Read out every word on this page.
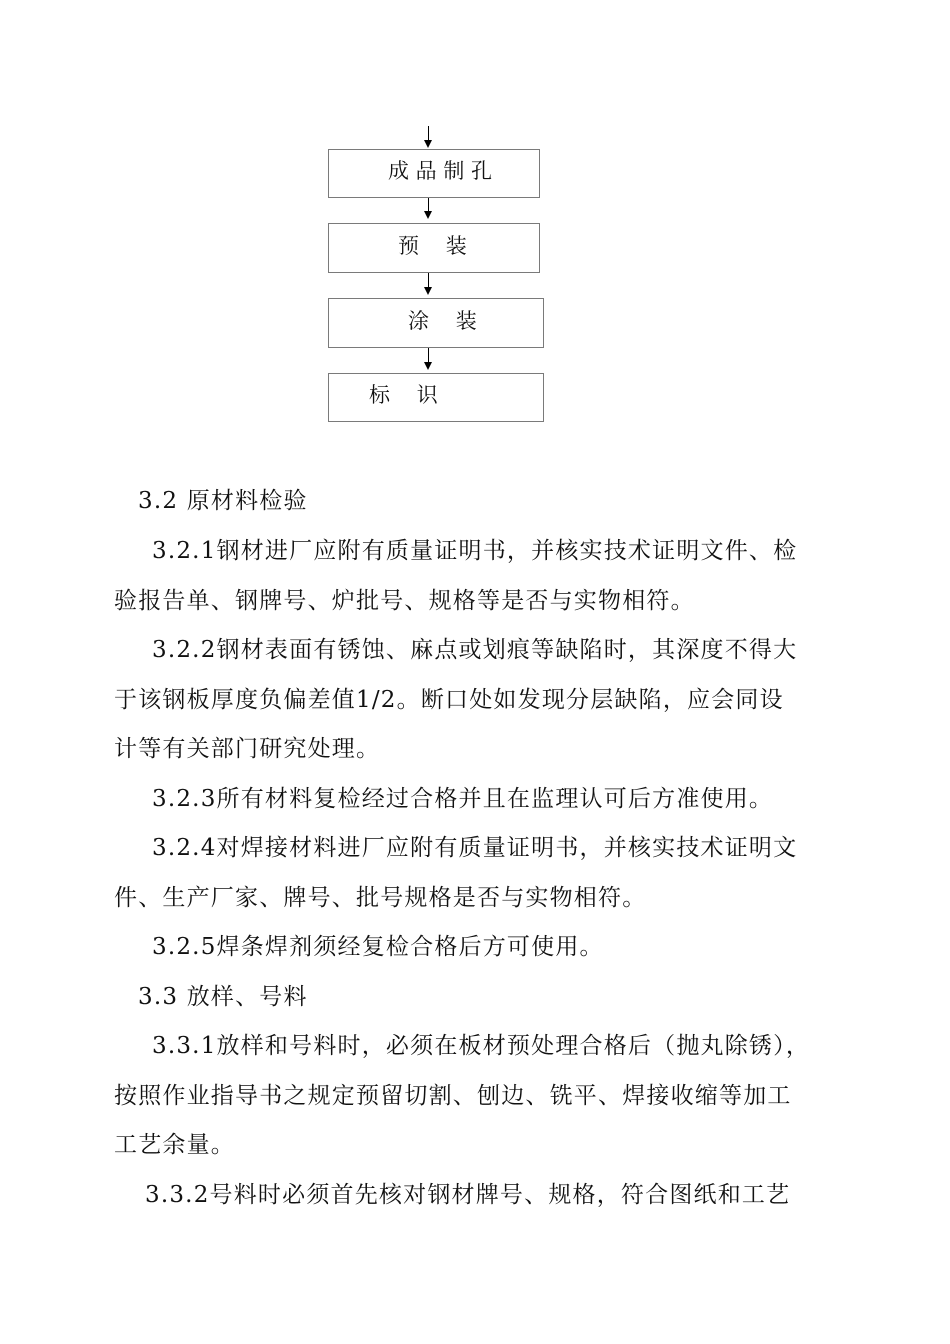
成 品 制 孔
预    装
涂    装
标    识
3.2 原材料检验
3.2.1钢材进厂应附有质量证明书，并核实技术证明文件、检
验报告单、钢牌号、炉批号、规格等是否与实物相符。
3.2.2钢材表面有锈蚀、麻点或划痕等缺陷时，其深度不得大
于该钢板厚度负偏差值1/2。断口处如发现分层缺陷，应会同设
计等有关部门研究处理。
3.2.3所有材料复检经过合格并且在监理认可后方准使用。
3.2.4对焊接材料进厂应附有质量证明书，并核实技术证明文
件、生产厂家、牌号、批号规格是否与实物相符。
3.2.5焊条焊剂须经复检合格后方可使用。
3.3 放样、号料
3.3.1放样和号料时，必须在板材预处理合格后（抛丸除锈），
按照作业指导书之规定预留切割、刨边、铣平、焊接收缩等加工
工艺余量。
3.3.2号料时必须首先核对钢材牌号、规格，符合图纸和工艺
